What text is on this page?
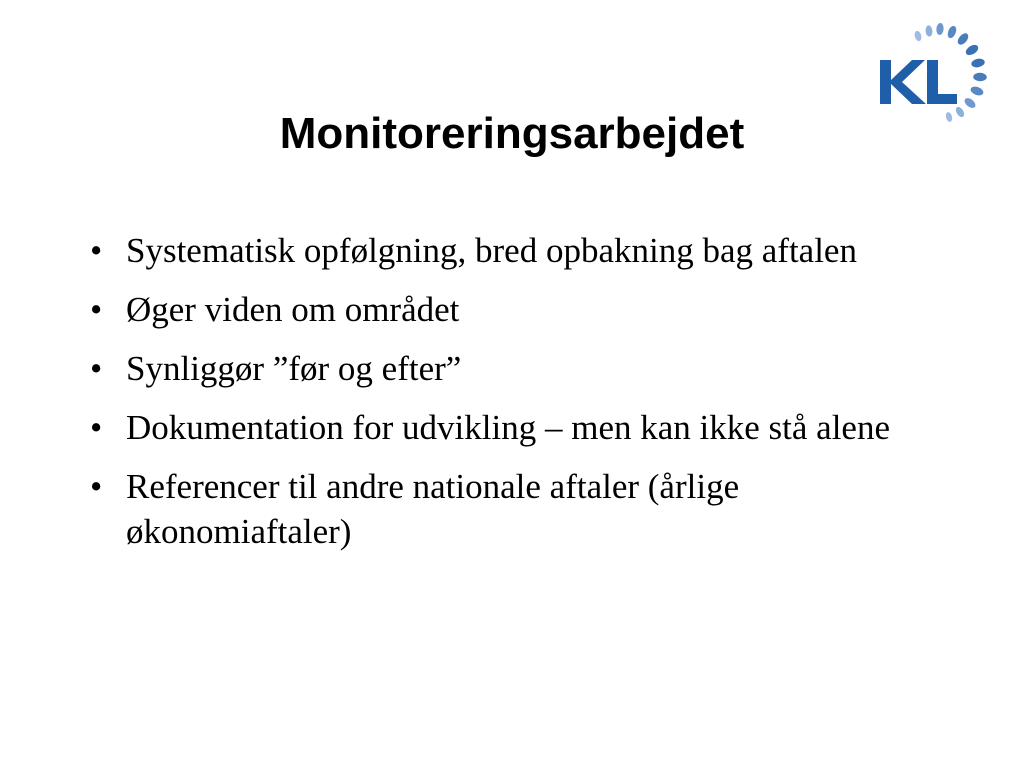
Monitoreringsarbejdet
• Systematisk opfølgning, bred opbakning bag aftalen
• Øger viden om området
• Synliggør ”før og efter”
• Dokumentation for udvikling – men kan ikke stå alene
• Referencer til andre nationale aftaler (årlige økonomiaftaler)
